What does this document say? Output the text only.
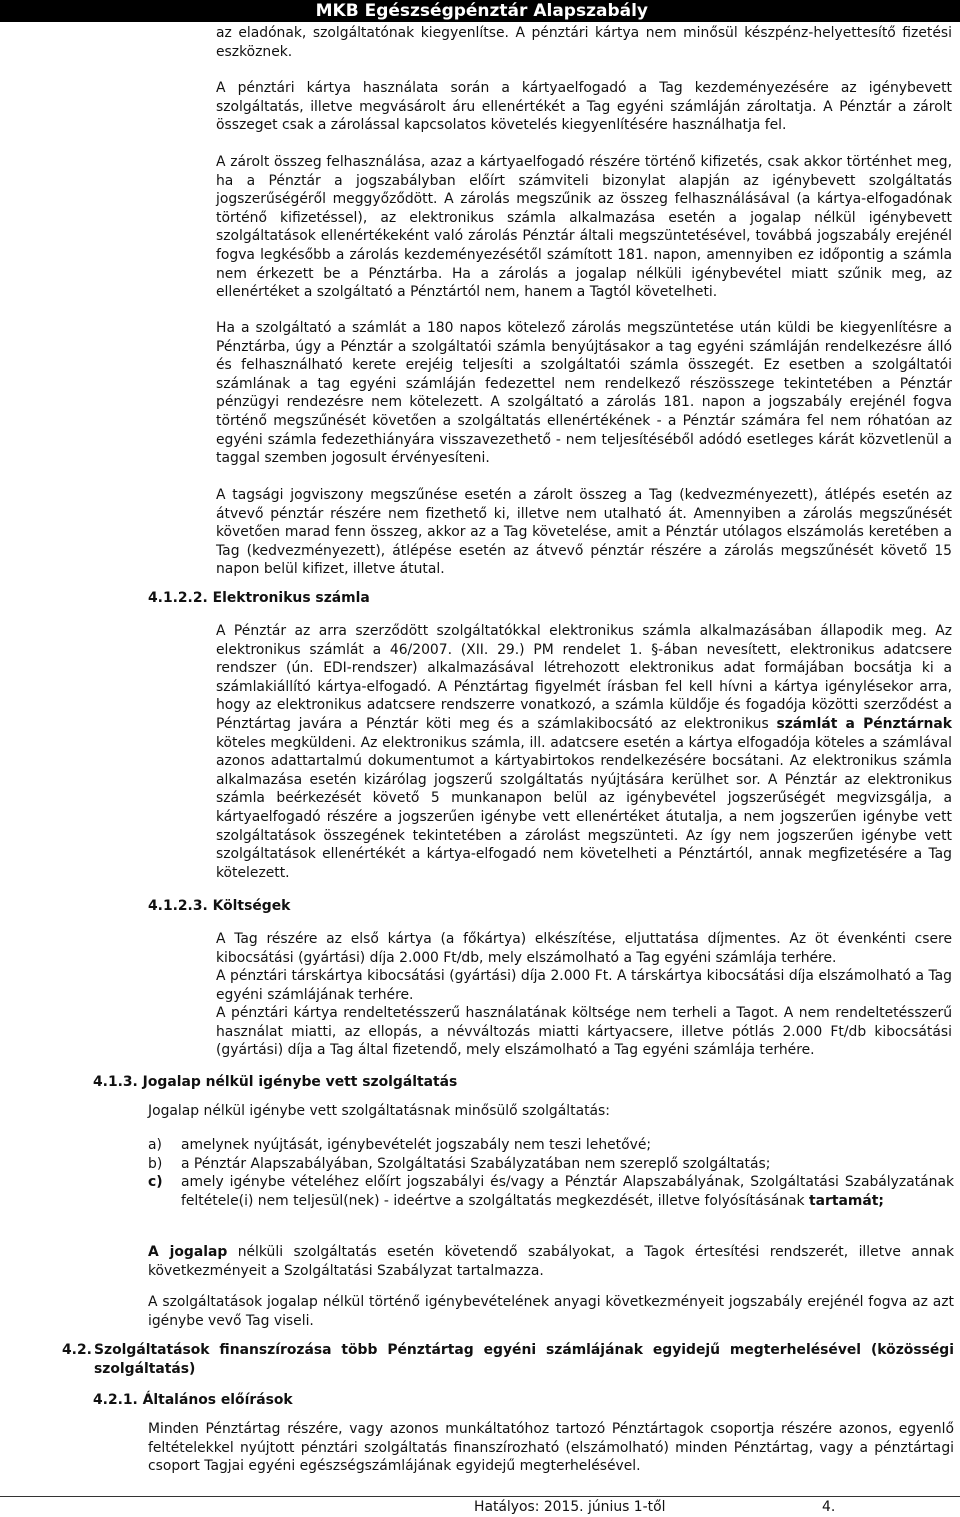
MKB Egészségpénztár Alapszabály

az eladónak, szolgáltatónak kiegyenlítse. A pénztári kártya nem minősül készpénz-helyettesítő fizetési eszköznek.

A pénztári kártya használata során a kártyaelfogadó a Tag kezdeményezésére az igénybevett szolgáltatás, illetve megvásárolt áru ellenértékét a Tag egyéni számláján zároltatja. A Pénztár a zárolt összeget csak a zárolással kapcsolatos követelés kiegyenlítésére használhatja fel.

A zárolt összeg felhasználása, azaz a kártyaelfogadó részére történő kifizetés, csak akkor történhet meg, ha a Pénztár a jogszabályban előírt számviteli bizonylat alapján az igénybevett szolgáltatás jogszerűségéről meggyőződött. A zárolás megszűnik az összeg felhasználásával (a kártya-elfogadónak történő kifizetéssel), az elektronikus számla alkalmazása esetén a jogalap nélkül igénybevett szolgáltatások ellenértékeként való zárolás Pénztár általi megszüntetésével, továbbá jogszabály erejénél fogva legkésőbb a zárolás kezdeményezésétől számított 181. napon, amennyiben ez időpontig a számla nem érkezett be a Pénztárba. Ha a zárolás a jogalap nélküli igénybevétel miatt szűnik meg, az ellenértéket a szolgáltató a Pénztártól nem, hanem a Tagtól követelheti.

Ha a szolgáltató a számlát a 180 napos kötelező zárolás megszüntetése után küldi be kiegyenlítésre a Pénztárba, úgy a Pénztár a szolgáltatói számla benyújtásakor a tag egyéni számláján rendelkezésre álló és felhasználható kerete erejéig teljesíti a szolgáltatói számla összegét. Ez esetben a szolgáltatói számlának a tag egyéni számláján fedezettel nem rendelkező részösszege tekintetében a Pénztár pénzügyi rendezésre nem kötelezett. A szolgáltató a zárolás 181. napon a jogszabály erejénél fogva történő megszűnését követően a szolgáltatás ellenértékének - a Pénztár számára fel nem róhatóan az egyéni számla fedezethiányára visszavezethető - nem teljesítéséből adódó esetleges kárát közvetlenül a taggal szemben jogosult érvényesíteni.

A tagsági jogviszony megszűnése esetén a zárolt összeg a Tag (kedvezményezett), átlépés esetén az átvevő pénztár részére nem fizethető ki, illetve nem utalható át. Amennyiben a zárolás megszűnését követően marad fenn összeg, akkor az a Tag követelése, amit a Pénztár utólagos elszámolás keretében a Tag (kedvezményezett), átlépése esetén az átvevő pénztár részére a zárolás megszűnését követő 15 napon belül kifizet, illetve átutal.

4.1.2.2. Elektronikus számla

A Pénztár az arra szerződött szolgáltatókkal elektronikus számla alkalmazásában állapodik meg. Az elektronikus számlát a 46/2007. (XII. 29.) PM rendelet 1. §-ában nevesített, elektronikus adatcsere rendszer (ún. EDI-rendszer) alkalmazásával létrehozott elektronikus adat formájában bocsátja ki a számlakiállító kártya-elfogadó. A Pénztártag figyelmét írásban fel kell hívni a kártya igénylésekor arra, hogy az elektronikus adatcsere rendszerre vonatkozó, a számla küldője és fogadója közötti szerződést a Pénztártag javára a Pénztár köti meg és a számlakibocsátó az elektronikus számlát a Pénztárnak köteles megküldeni. Az elektronikus számla, ill. adatcsere esetén a kártya elfogadója köteles a számlával azonos adattartalmú dokumentumot a kártyabirtokos rendelkezésére bocsátani. Az elektronikus számla alkalmazása esetén kizárólag jogszerű szolgáltatás nyújtására kerülhet sor. A Pénztár az elektronikus számla beérkezését követő 5 munkanapon belül az igénybevétel jogszerűségét megvizsgálja, a kártyaelfogadó részére a jogszerűen igénybe vett ellenértéket átutalja, a nem jogszerűen igénybe vett szolgáltatások összegének tekintetében a zárolást megszünteti. Az így nem jogszerűen igénybe vett szolgáltatások ellenértékét a kártya-elfogadó nem követelheti a Pénztártól, annak megfizetésére a Tag kötelezett.

4.1.2.3. Költségek

A Tag részére az első kártya (a főkártya) elkészítése, eljuttatása díjmentes. Az öt évenkénti csere kibocsátási (gyártási) díja 2.000 Ft/db, mely elszámolható a Tag egyéni számlája terhére.

A pénztári társkártya kibocsátási (gyártási) díja 2.000 Ft. A társkártya kibocsátási díja elszámolható a Tag egyéni számlájának terhére.

A pénztári kártya rendeltetésszerű használatának költsége nem terheli a Tagot. A nem rendeltetésszerű használat miatti, az ellopás, a névváltozás miatti kártyacsere, illetve pótlás 2.000 Ft/db kibocsátási (gyártási) díja a Tag által fizetendő, mely elszámolható a Tag egyéni számlája terhére.

4.1.3. Jogalap nélkül igénybe vett szolgáltatás

Jogalap nélkül igénybe vett szolgáltatásnak minősülő szolgáltatás:

a)	amelynek nyújtását, igénybevételét jogszabály nem teszi lehetővé;
b)	a Pénztár Alapszabályában, Szolgáltatási Szabályzatában nem szereplő szolgáltatás;
c)	amely igénybe vételéhez előírt jogszabályi és/vagy a Pénztár Alapszabályának, Szolgáltatási Szabályzatának feltétele(i) nem teljesül(nek) - ideértve a szolgáltatás megkezdését, illetve folyósításának tartamát;

A jogalap nélküli szolgáltatás esetén követendő szabályokat, a Tagok értesítési rendszerét, illetve annak következményeit a Szolgáltatási Szabályzat tartalmazza.

A szolgáltatások jogalap nélkül történő igénybevételének anyagi következményeit jogszabály erejénél fogva az azt igénybe vevő Tag viseli.

4.2. Szolgáltatások finanszírozása több Pénztártag egyéni számlájának egyidejű megterhelésével (közösségi szolgáltatás)

4.2.1. Általános előírások

Minden Pénztártag részére, vagy azonos munkáltatóhoz tartozó Pénztártagok csoportja részére azonos, egyenlő feltételekkel nyújtott pénztári szolgáltatás finanszírozható (elszámolható) minden Pénztártag, vagy a pénztártagi csoport Tagjai egyéni egészségszámlájának egyidejű megterhelésével.

Hatályos: 2015. június 1-től	4.
